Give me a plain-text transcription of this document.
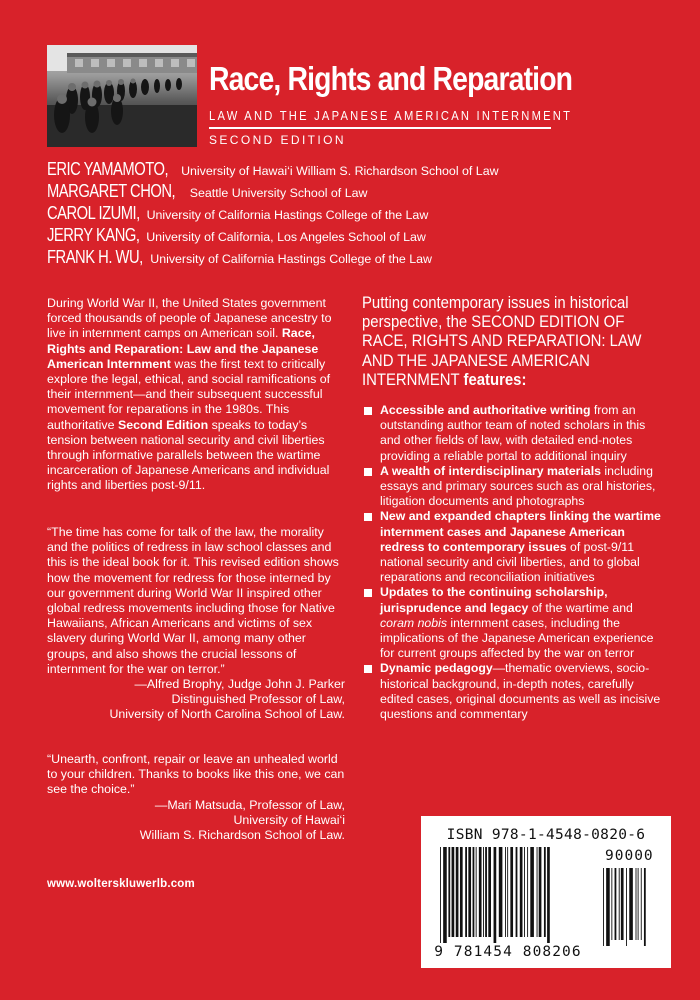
Race, Rights and Reparation
LAW AND THE JAPANESE AMERICAN INTERNMENT
SECOND EDITION
ERIC YAMAMOTO, University of Hawai‘i William S. Richardson School of Law
MARGARET CHON, Seattle University School of Law
CAROL IZUMI, University of California Hastings College of the Law
JERRY KANG, University of California, Los Angeles School of Law
FRANK H. WU, University of California Hastings College of the Law

During World War II, the United States government forced thousands of people of Japanese ancestry to live in internment camps on American soil. Race, Rights and Reparation: Law and the Japanese American Internment was the first text to critically explore the legal, ethical, and social ramifications of their internment—and their subsequent successful movement for reparations in the 1980s. This authoritative Second Edition speaks to today’s tension between national security and civil liberties through informative parallels between the wartime incarceration of Japanese Americans and individual rights and liberties post-9/11.

“The time has come for talk of the law, the morality and the politics of redress in law school classes and this is the ideal book for it. This revised edition shows how the movement for redress for those interned by our government during World War II inspired other global redress movements including those for Native Hawaiians, African Americans and victims of sex slavery during World War II, among many other groups, and also shows the crucial lessons of internment for the war on terror.”
—Alfred Brophy, Judge John J. Parker
Distinguished Professor of Law,
University of North Carolina School of Law.
“Unearth, confront, repair or leave an unhealed world to your children. Thanks to books like this one, we can see the choice.”
—Mari Matsuda, Professor of Law,
University of Hawai‘i
William S. Richardson School of Law.
www.wolterskluwerlb.com

Putting contemporary issues in historical perspective, the SECOND EDITION OF RACE, RIGHTS AND REPARATION: LAW AND THE JAPANESE AMERICAN INTERNMENT features:

Accessible and authoritative writing from an outstanding author team of noted scholars in this and other fields of law, with detailed end-notes providing a reliable portal to additional inquiry
A wealth of interdisciplinary materials including essays and primary sources such as oral histories, litigation documents and photographs
New and expanded chapters linking the wartime internment cases and Japanese American redress to contemporary issues of post-9/11 national security and civil liberties, and to global reparations and reconciliation initiatives
Updates to the continuing scholarship, jurisprudence and legacy of the wartime and coram nobis internment cases, including the implications of the Japanese American experience for current groups affected by the war on terror
Dynamic pedagogy—thematic overviews, socio-historical background, in-depth notes, carefully edited cases, original documents as well as incisive questions and commentary
ISBN 978-1-4548-0820-6
9 781454 808206
90000
